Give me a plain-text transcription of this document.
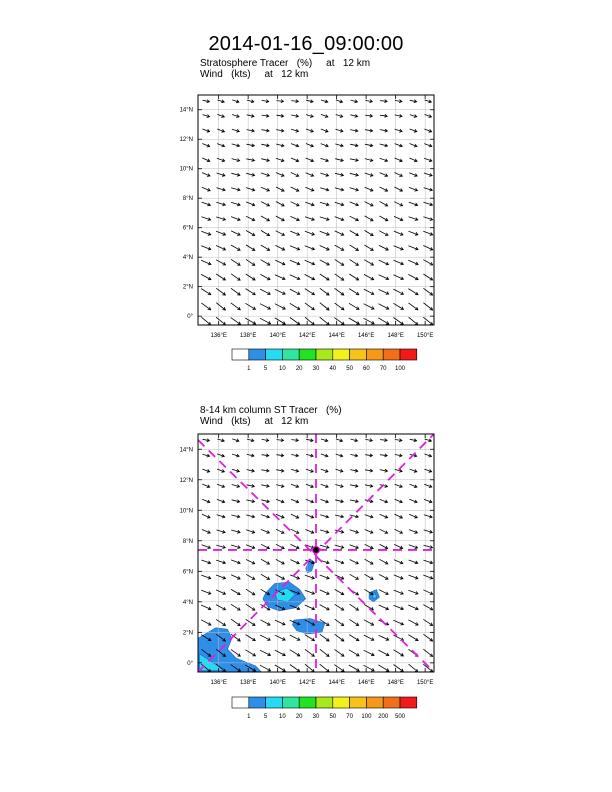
2014-01-16_09:00:00
Stratosphere Tracer   (%)     at   12 km
Wind   (kts)     at   12 km
8-14 km column ST Tracer   (%)
Wind   (kts)     at   12 km
136°E 138°E 140°E 142°E 144°E 146°E 148°E 150°E
0°
2°N
4°N
6°N
8°N
10°N
12°N
14°N
1 5 10 20 30 40 50 60 70 100
136°E 138°E 140°E 142°E 144°E 146°E 148°E 150°E
0°
2°N
4°N
6°N
8°N
10°N
12°N
14°N
1 5 10 20 30 50 70 100 200 500
